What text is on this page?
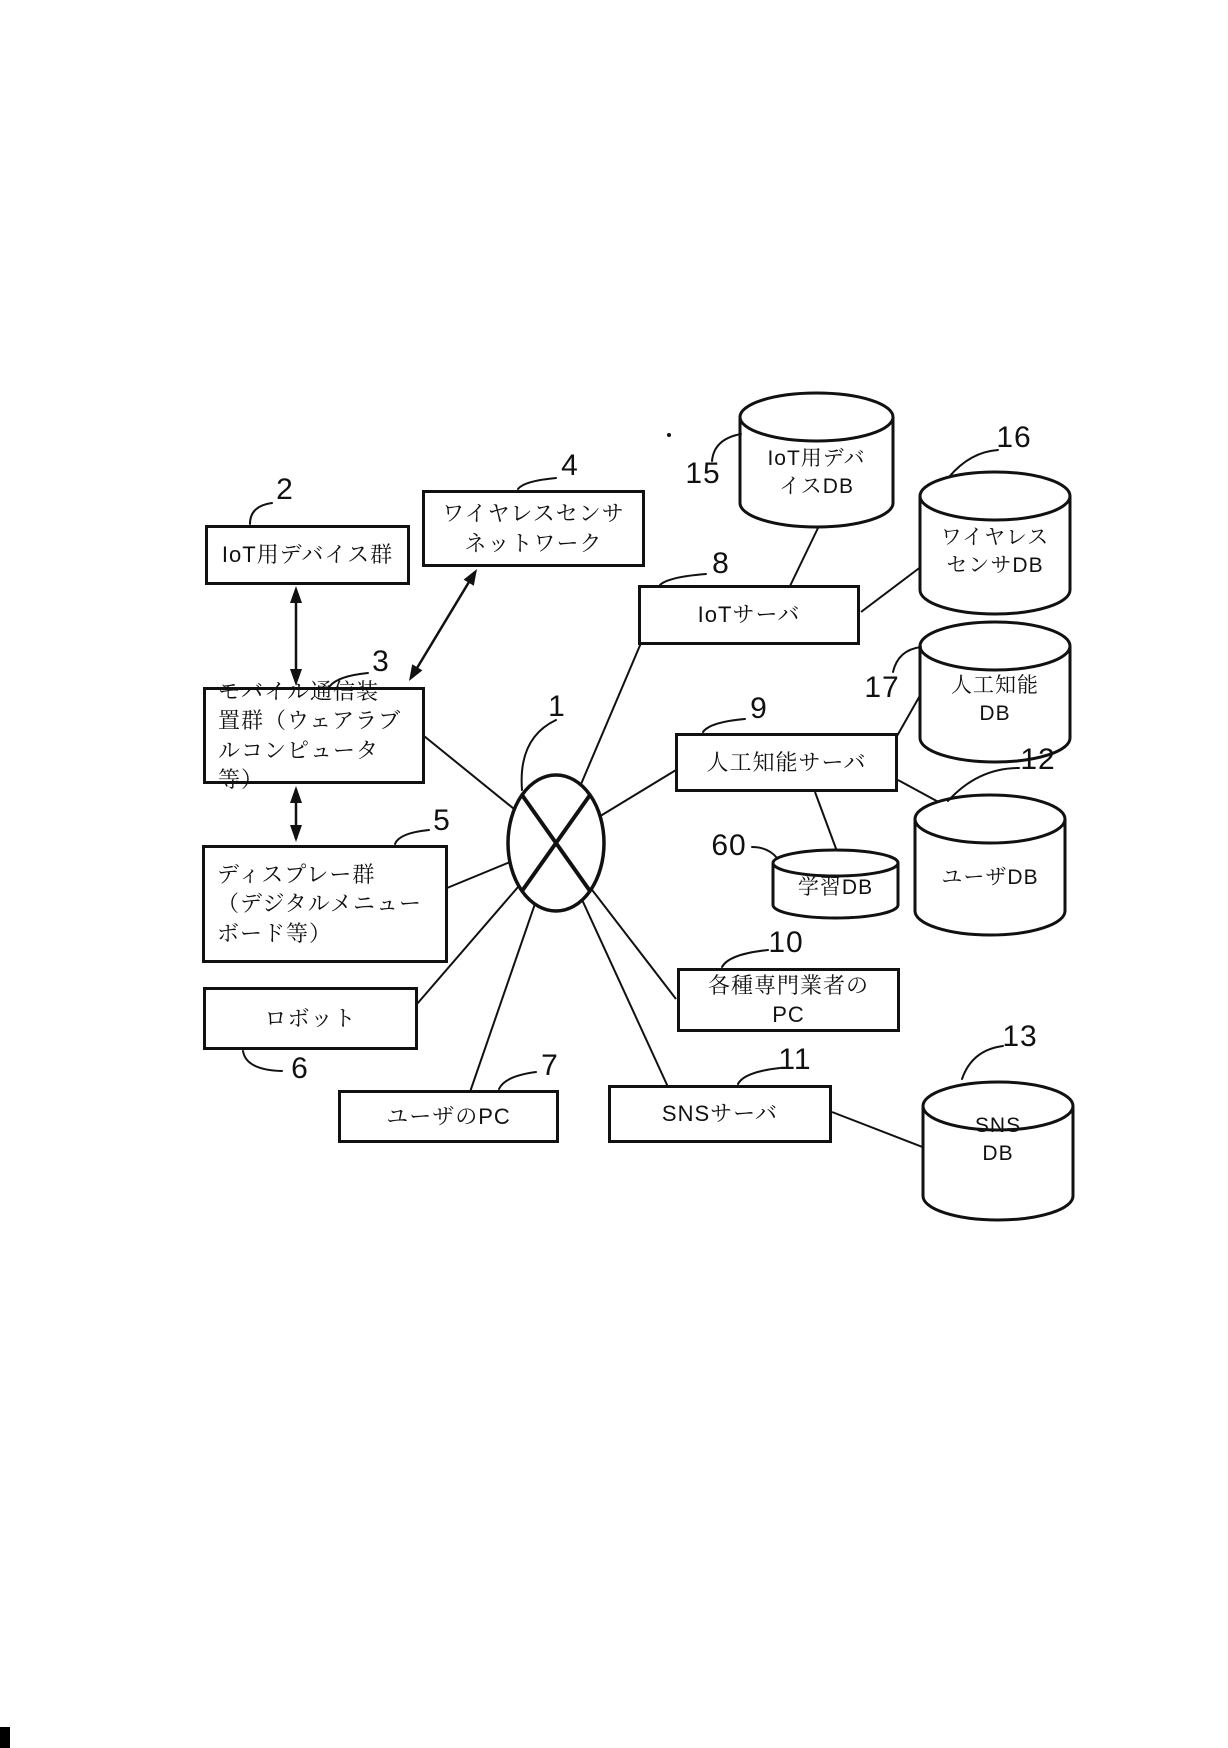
IoT用デバイス群
ワイヤレスセンサ
ネットワーク
モバイル通信装
置群（ウェアラブ
ルコンピュータ等）
ディスプレー群
（デジタルメニュー
ボード等）
ロボット
ユーザのPC
IoTサーバ
人工知能サーバ
各種専門業者の
PC
SNSサーバ
IoT用デバ
イスDB
ワイヤレス
センサDB
人工知能
DB
ユーザDB
学習DB
SNS
DB
1
2
3
4
5
6	7
8
9
10
11
12
13
15
16
17
60
